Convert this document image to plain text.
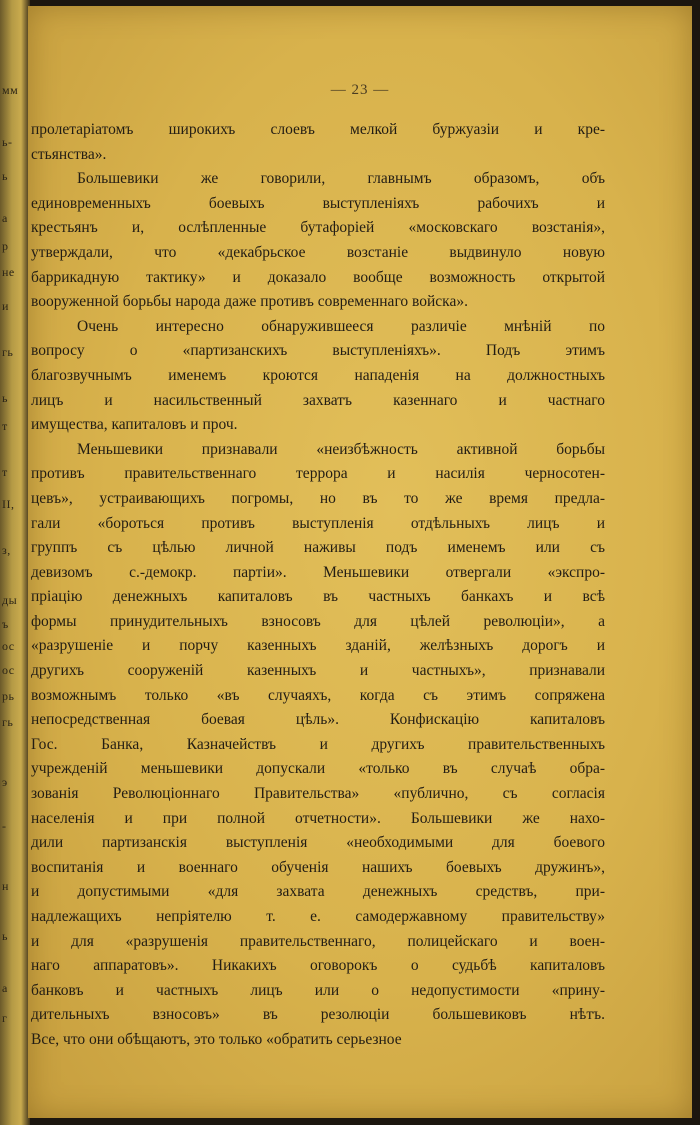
мм
ь-
ь
а
р
не
и
гь
ь
т
т
II,
з,
ды
ъ
ос
ос
рь
гь
э
-
н
ь
а
г
— 23 —
пролетаріатомъ широкихъ слоевъ мелкой буржуазіи и кре-
стьянства».
Большевики же говорили, главнымъ образомъ, объ
единовременныхъ боевыхъ выступленіяхъ рабочихъ и
крестьянъ и, ослѣпленные бутафоріей «московскаго возстанія»,
утверждали, что «декабрьское возстаніе выдвинуло новую
баррикадную тактику» и доказало вообще возможность открытой
вооруженной борьбы народа даже противъ современнаго войска».
Очень интересно обнаружившееся различіе мнѣній по
вопросу о «партизанскихъ выступленіяхъ». Подъ этимъ
благозвучнымъ именемъ кроются нападенія на должностныхъ
лицъ и насильственный захватъ казеннаго и частнаго
имущества, капиталовъ и проч.
Меньшевики признавали «неизбѣжность активной борьбы
противъ правительственнаго террора и насилія черносотен-
цевъ», устраивающихъ погромы, но въ то же время предла-
гали «бороться противъ выступленія отдѣльныхъ лицъ и
группъ съ цѣлью личной наживы подъ именемъ или съ
девизомъ с.-демокр. партіи». Меньшевики отвергали «экспро-
пріацію денежныхъ капиталовъ въ частныхъ банкахъ и всѣ
формы принудительныхъ взносовъ для цѣлей революціи», а
«разрушеніе и порчу казенныхъ зданій, желѣзныхъ дорогъ и
другихъ сооруженій казенныхъ и частныхъ», признавали
возможнымъ только «въ случаяхъ, когда съ этимъ сопряжена
непосредственная боевая цѣль». Конфискацію капиталовъ
Гос. Банка, Казначействъ и другихъ правительственныхъ
учрежденій меньшевики допускали «только въ случаѣ обра-
зованія Революціоннаго Правительства» «публично, съ согласія
населенія и при полной отчетности». Большевики же нахо-
дили партизанскія выступленія «необходимыми для боевого
воспитанія и военнаго обученія нашихъ боевыхъ дружинъ»,
и допустимыми «для захвата денежныхъ средствъ, при-
надлежащихъ непріятелю т. е. самодержавному правительству»
и для «разрушенія правительственнаго, полицейскаго и воен-
наго аппаратовъ». Никакихъ оговорокъ о судьбѣ капиталовъ
банковъ и частныхъ лицъ или о недопустимости «прину-
дительныхъ взносовъ» въ резолюціи большевиковъ нѣтъ.
Все, что они обѣщаютъ, это только «обратить серьезное
